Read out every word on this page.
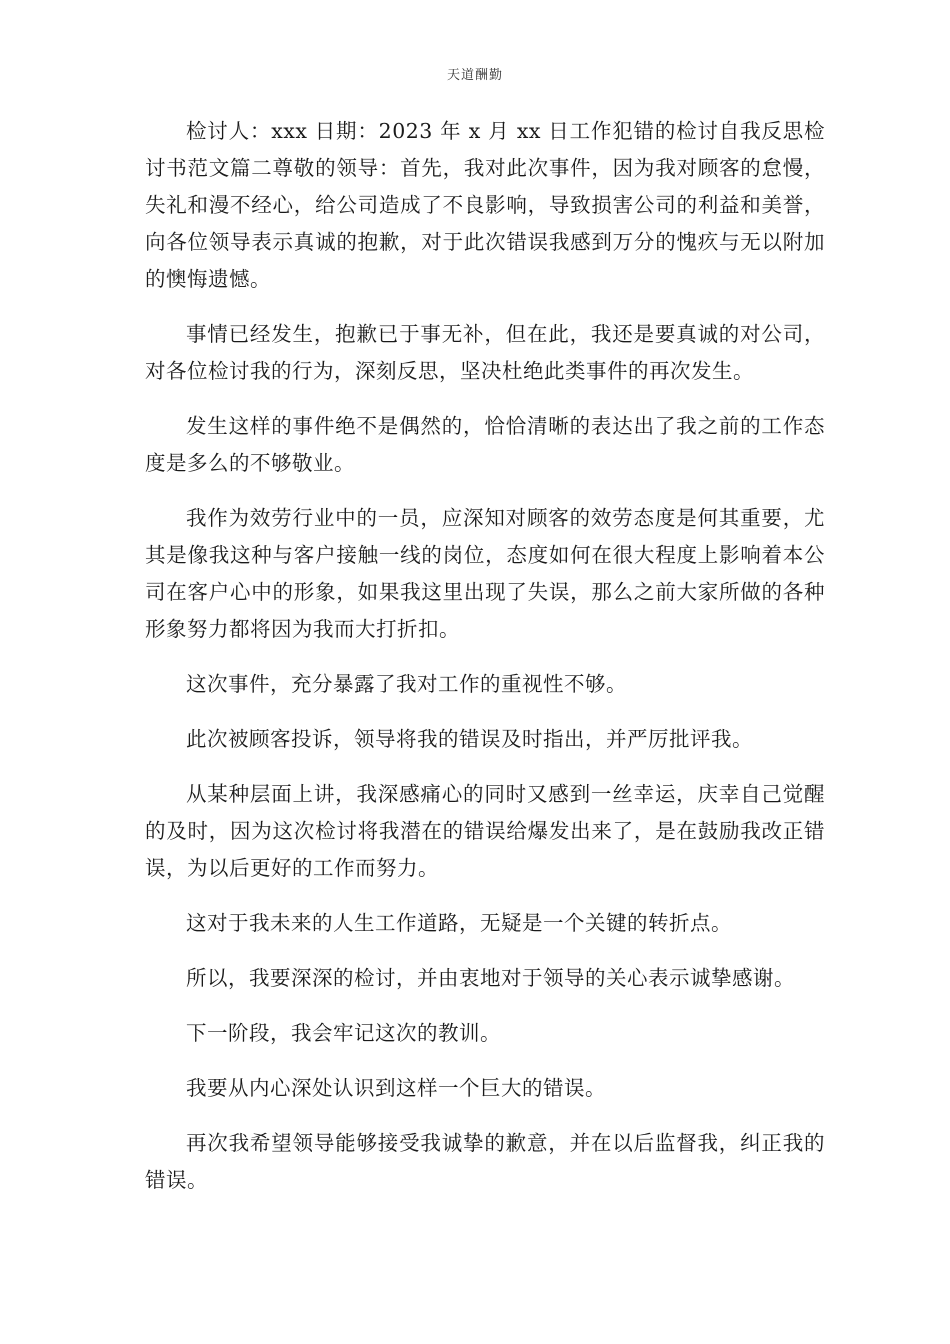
天道酬勤

检讨人：xxx 日期：2023 年 x 月 xx 日工作犯错的检讨自我反思检讨书范文篇二尊敬的领导：首先，我对此次事件，因为我对顾客的怠慢，失礼和漫不经心，给公司造成了不良影响，导致损害公司的利益和美誉，向各位领导表示真诚的抱歉，对于此次错误我感到万分的愧疚与无以附加的懊悔遗憾。

事情已经发生，抱歉已于事无补，但在此，我还是要真诚的对公司，对各位检讨我的行为，深刻反思，坚决杜绝此类事件的再次发生。

发生这样的事件绝不是偶然的，恰恰清晰的表达出了我之前的工作态度是多么的不够敬业。

我作为效劳行业中的一员，应深知对顾客的效劳态度是何其重要，尤其是像我这种与客户接触一线的岗位，态度如何在很大程度上影响着本公司在客户心中的形象，如果我这里出现了失误，那么之前大家所做的各种形象努力都将因为我而大打折扣。

这次事件，充分暴露了我对工作的重视性不够。

此次被顾客投诉，领导将我的错误及时指出，并严厉批评我。

从某种层面上讲，我深感痛心的同时又感到一丝幸运，庆幸自己觉醒的及时，因为这次检讨将我潜在的错误给爆发出来了，是在鼓励我改正错误，为以后更好的工作而努力。

这对于我未来的人生工作道路，无疑是一个关键的转折点。

所以，我要深深的检讨，并由衷地对于领导的关心表示诚挚感谢。

下一阶段，我会牢记这次的教训。

我要从内心深处认识到这样一个巨大的错误。

再次我希望领导能够接受我诚挚的歉意，并在以后监督我，纠正我的错误。
